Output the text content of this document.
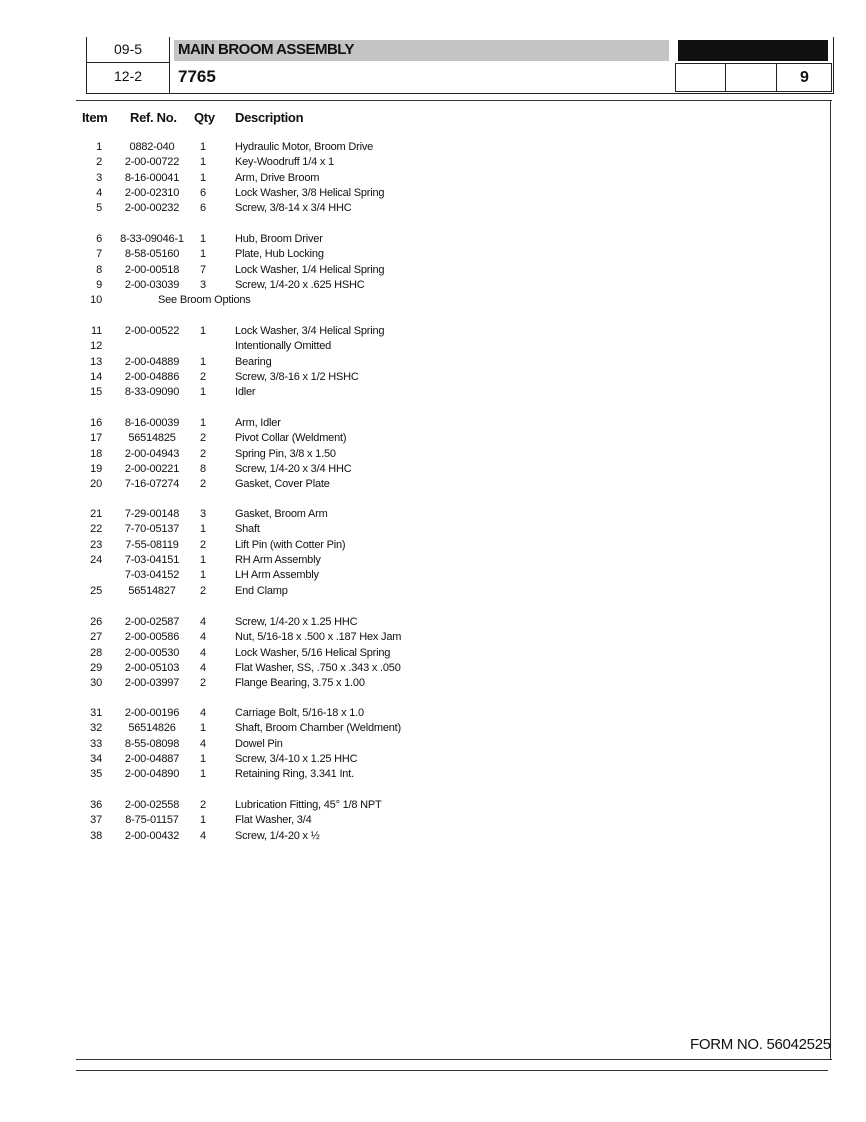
09-5
12-2
MAIN BROOM ASSEMBLY
7765	9
Item Ref. No. Qty Description
1	0882-040	1	Hydraulic Motor, Broom Drive
2	2-00-00722	1	Key-Woodruff 1/4 x 1
3	8-16-00041	1	Arm, Drive Broom
4	2-00-02310	6	Lock Washer, 3/8 Helical Spring
5	2-00-00232	6	Screw, 3/8-14 x 3/4 HHC
6 8-33-09046-1	1	Hub, Broom Driver
7	8-58-05160	1	Plate, Hub Locking
8	2-00-00518	7	Lock Washer, 1/4 Helical Spring
9	2-00-03039	3	Screw, 1/4-20 x .625 HSHC
10	See Broom Options
11	2-00-00522	1	Lock Washer, 3/4 Helical Spring
12	Intentionally Omitted
13	2-00-04889	1	Bearing
14	2-00-04886	2	Screw, 3/8-16 x 1/2 HSHC
15	8-33-09090	1	Idler
16	8-16-00039	1	Arm, Idler
17	56514825	2	Pivot Collar (Weldment)
18	2-00-04943	2	Spring Pin, 3/8 x 1.50
19	2-00-00221	8	Screw, 1/4-20 x 3/4 HHC
20	7-16-07274	2	Gasket, Cover Plate
21	7-29-00148	3	Gasket, Broom Arm
22	7-70-05137	1	Shaft
23	7-55-08119	2	Lift Pin (with Cotter Pin)
24	7-03-04151	1	RH Arm Assembly
7-03-04152	1	LH Arm Assembly
25	56514827	2	End Clamp
26	2-00-02587	4	Screw, 1/4-20 x 1.25 HHC
27	2-00-00586	4	Nut, 5/16-18 x .500 x .187 Hex Jam
28	2-00-00530	4	Lock Washer, 5/16 Helical Spring
29	2-00-05103	4	Flat Washer, SS, .750 x .343 x .050
30	2-00-03997	2	Flange Bearing, 3.75 x 1.00
31	2-00-00196	4	Carriage Bolt, 5/16-18 x 1.0
32	56514826	1	Shaft, Broom Chamber (Weldment)
33	8-55-08098	4	Dowel Pin
34	2-00-04887	1	Screw, 3/4-10 x 1.25 HHC
35	2-00-04890	1	Retaining Ring, 3.341 Int.
36	2-00-02558	2	Lubrication Fitting, 45° 1/8 NPT
37	8-75-01157	1	Flat Washer, 3/4
38	2-00-00432	4	Screw, 1/4-20 x ½
FORM NO. 56042525
